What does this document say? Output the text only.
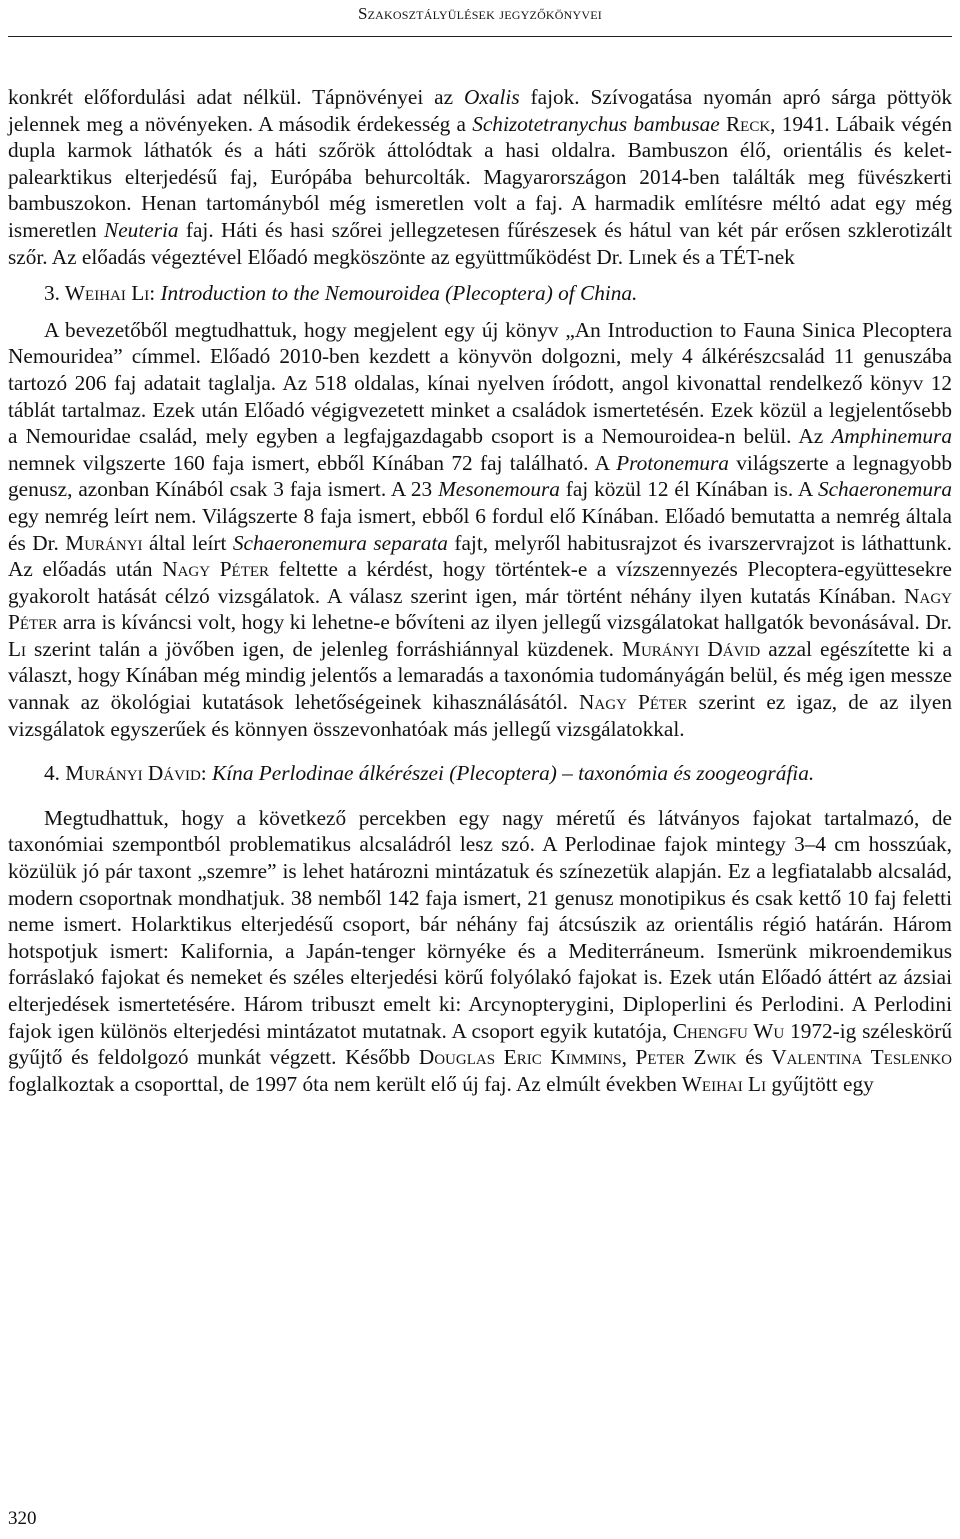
Szakosztályülések jegyzőkönyvei

konkrét előfordulási adat nélkül. Tápnövényei az Oxalis fajok. Szívogatása nyomán apró sárga pöttyök jelennek meg a növényeken. A második érdekesség a Schizotetranychus bambusae Reck, 1941. Lábaik végén dupla karmok láthatók és a háti szőrök áttolódtak a hasi oldalra. Bambuszon élő, orientális és kelet-palearktikus elterjedésű faj, Európába behurcolták. Magyarországon 2014-ben találták meg füvészkerti bambuszokon. Henan tartományból még ismeretlen volt a faj. A harmadik említésre méltó adat egy még ismeretlen Neuteria faj. Háti és hasi szőrei jellegzetesen fűrészesek és hátul van két pár erősen szklerotizált szőr. Az előadás végeztével Előadó megköszönte az együttműködést Dr. Linek és a TÉT-nek

3. Weihai Li: Introduction to the Nemouroidea (Plecoptera) of China.

A bevezetőből megtudhattuk, hogy megjelent egy új könyv „An Introduction to Fauna Sinica Plecoptera Nemouridea” címmel. Előadó 2010-ben kezdett a könyvön dolgozni, mely 4 álkérészcsalád 11 genuszába tartozó 206 faj adatait taglalja. Az 518 oldalas, kínai nyelven íródott, angol kivonattal rendelkező könyv 12 táblát tartalmaz. Ezek után Előadó végigvezetett minket a családok ismertetésén. Ezek közül a legjelentősebb a Nemouridae család, mely egyben a legfajgazdagabb csoport is a Nemouroidea-n belül. Az Amphinemura nemnek vilgszerte 160 faja ismert, ebből Kínában 72 faj található. A Protonemura világszerte a legnagyobb genusz, azonban Kínából csak 3 faja ismert. A 23 Mesonemoura faj közül 12 él Kínában is. A Schaeronemura egy nemrég leírt nem. Világszerte 8 faja ismert, ebből 6 fordul elő Kínában. Előadó bemutatta a nemrég általa és Dr. Murányi által leírt Schaeronemura separata fajt, melyről habitusrajzot és ivarszervrajzot is láthattunk. Az előadás után Nagy Péter feltette a kérdést, hogy történtek-e a vízszennyezés Plecoptera-együttesekre gyakorolt hatását célzó vizsgálatok. A válasz szerint igen, már történt néhány ilyen kutatás Kínában. Nagy Péter arra is kíváncsi volt, hogy ki lehetne-e bővíteni az ilyen jellegű vizsgálatokat hallgatók bevonásával. Dr. Li szerint talán a jövőben igen, de jelenleg forráshiánnyal küzdenek. Murányi Dávid azzal egészítette ki a választ, hogy Kínában még mindig jelentős a lemaradás a taxonómia tudományágán belül, és még igen messze vannak az ökológiai kutatások lehetőségeinek kihasználásától. Nagy Péter szerint ez igaz, de az ilyen vizsgálatok egyszerűek és könnyen összevonhatóak más jellegű vizsgálatokkal.

4. Murányi Dávid: Kína Perlodinae álkérészei (Plecoptera) – taxonómia és zoogeográfia.

Megtudhattuk, hogy a következő percekben egy nagy méretű és látványos fajokat tartalmazó, de taxonómiai szempontból problematikus alcsaládról lesz szó. A Perlodinae fajok mintegy 3–4 cm hosszúak, közülük jó pár taxont „szemre” is lehet határozni mintázatuk és színezetük alapján. Ez a legfiatalabb alcsalád, modern csoportnak mondhatjuk. 38 nemből 142 faja ismert, 21 genusz monotipikus és csak kettő 10 faj feletti neme ismert. Holarktikus elterjedésű csoport, bár néhány faj átcsúszik az orientális régió határán. Három hotspotjuk ismert: Kalifornia, a Japán-tenger környéke és a Mediterráneum. Ismerünk mikroendemikus forráslakó fajokat és nemeket és széles elterjedési körű folyólakó fajokat is. Ezek után Előadó áttért az ázsiai elterjedések ismertetésére. Három tribuszt emelt ki: Arcynopterygini, Diploperlini és Perlodini. A Perlodini fajok igen különös elterjedési mintázatot mutatnak. A csoport egyik kutatója, Chengfu Wu 1972-ig széleskörű gyűjtő és feldolgozó munkát végzett. Később Douglas Eric Kimmins, Peter Zwik és Valentina Teslenko foglalkoztak a csoporttal, de 1997 óta nem került elő új faj. Az elmúlt években Weihai Li gyűjtött egy

320
